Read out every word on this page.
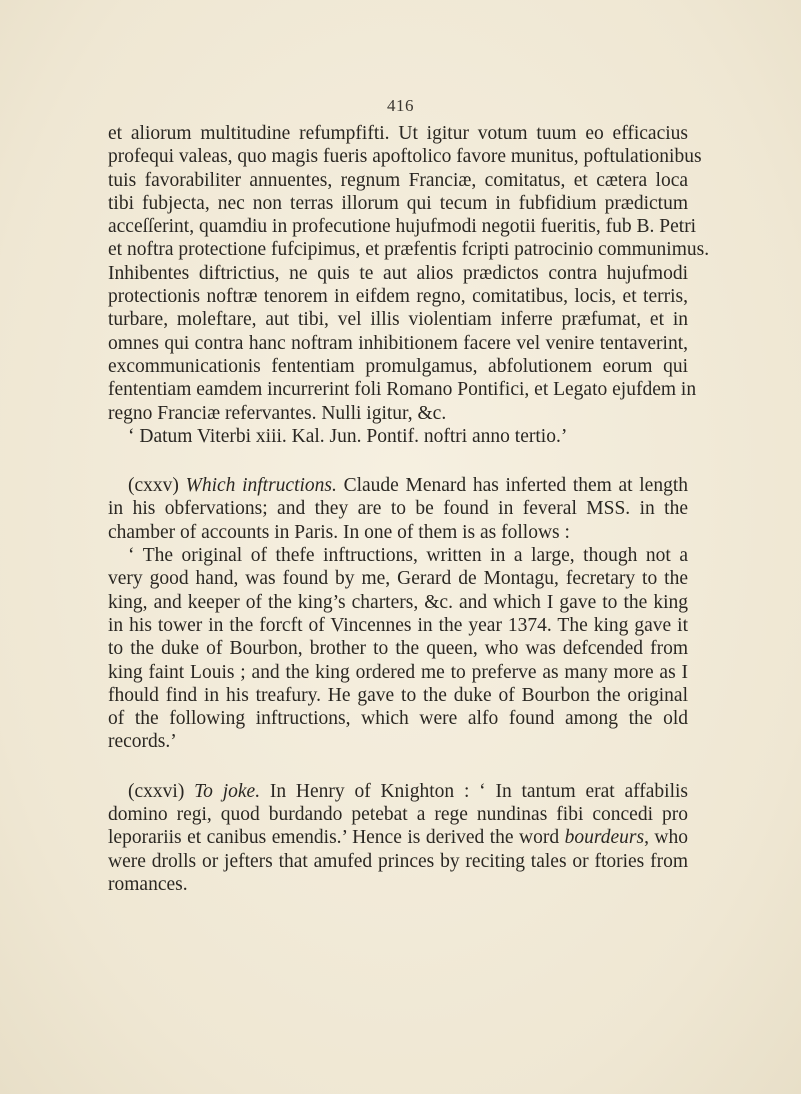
416
et aliorum multitudine refumpfifti. Ut igitur votum tuum eo efficacius
profequi valeas, quo magis fueris apoftolico favore munitus, poftulationibus
tuis favorabiliter annuentes, regnum Franciæ, comitatus, et cætera loca
tibi fubjecta, nec non terras illorum qui tecum in fubfidium prædictum
acceſſerint, quamdiu in profecutione hujufmodi negotii fueritis, fub B. Petri
et noftra protectione fufcipimus, et præfentis fcripti patrocinio communimus.
Inhibentes diftrictius, ne quis te aut alios prædictos contra hujufmodi
protectionis noftræ tenorem in eifdem regno, comitatibus, locis, et terris,
turbare, moleftare, aut tibi, vel illis violentiam inferre præfumat, et in
omnes qui contra hanc noftram inhibitionem facere vel venire tentaverint,
excommunicationis fententiam promulgamus, abfolutionem eorum qui
fententiam eamdem incurrerint foli Romano Pontifici, et Legato ejufdem in
regno Franciæ refervantes. Nulli igitur, &c.
‘ Datum Viterbi xiii. Kal. Jun. Pontif. noftri anno tertio.’
(cxxv) Which inftructions. Claude Menard has inferted them at length
in his obfervations; and they are to be found in feveral MSS. in the
chamber of accounts in Paris. In one of them is as follows :
‘ The original of thefe inftructions, written in a large, though not a
very good hand, was found by me, Gerard de Montagu, fecretary to the
king, and keeper of the king’s charters, &c. and which I gave to the king
in his tower in the forcft of Vincennes in the year 1374. The king gave it
to the duke of Bourbon, brother to the queen, who was defcended from
king faint Louis ; and the king ordered me to preferve as many more as I
fhould find in his treafury. He gave to the duke of Bourbon the original
of the following inftructions, which were alfo found among the old
records.’
(cxxvi) To joke. In Henry of Knighton : ‘ In tantum erat affabilis
domino regi, quod burdando petebat a rege nundinas fibi concedi pro
leporariis et canibus emendis.’ Hence is derived the word bourdeurs, who
were drolls or jefters that amufed princes by reciting tales or ftories from
romances.
